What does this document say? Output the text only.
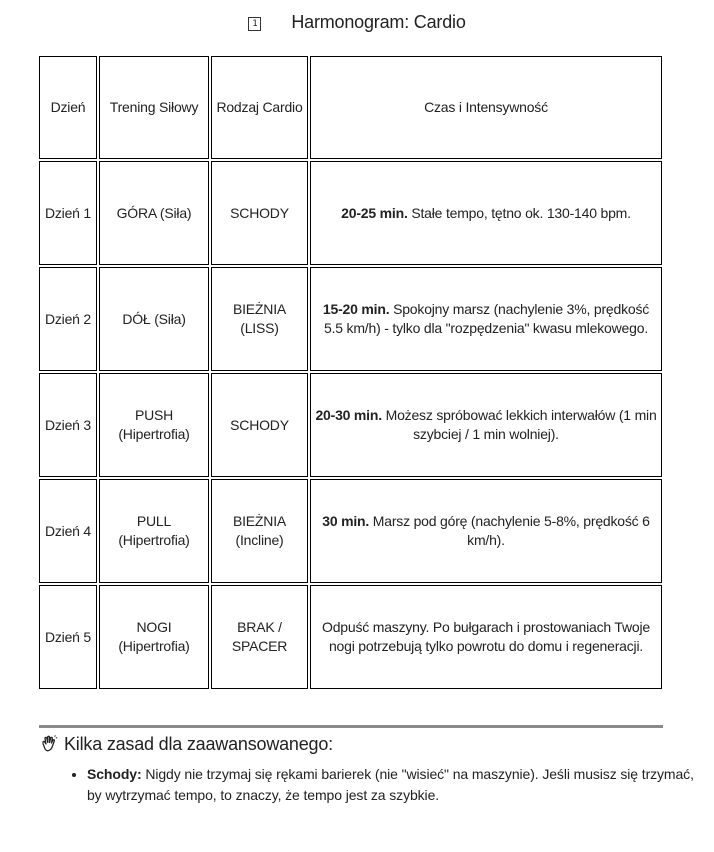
1 Harmonogram: Cardio
Dzień	Trening Siłowy	Rodzaj Cardio	Czas i Intensywność
Dzień 1	GÓRA (Siła)	SCHODY	20-25 min. Stałe tempo, tętno ok. 130-140 bpm.
Dzień 2	DÓŁ (Siła)	BIEŻNIA (LISS)	15-20 min. Spokojny marsz (nachylenie 3%, prędkość 5.5 km/h) - tylko dla "rozpędzenia" kwasu mlekowego.
Dzień 3	PUSH (Hipertrofia)	SCHODY	20-30 min. Możesz spróbować lekkich interwałów (1 min szybciej / 1 min wolniej).
Dzień 4	PULL (Hipertrofia)	BIEŻNIA (Incline)	30 min. Marsz pod górę (nachylenie 5-8%, prędkość 6 km/h).
Dzień 5	NOGI (Hipertrofia)	BRAK / SPACER	Odpuść maszyny. Po bułgarach i prostowaniach Twoje nogi potrzebują tylko powrotu do domu i regeneracji.
Kilka zasad dla zaawansowanego:
• Schody: Nigdy nie trzymaj się rękami barierek (nie "wisieć" na maszynie). Jeśli musisz się trzymać, by wytrzymać tempo, to znaczy, że tempo jest za szybkie.
